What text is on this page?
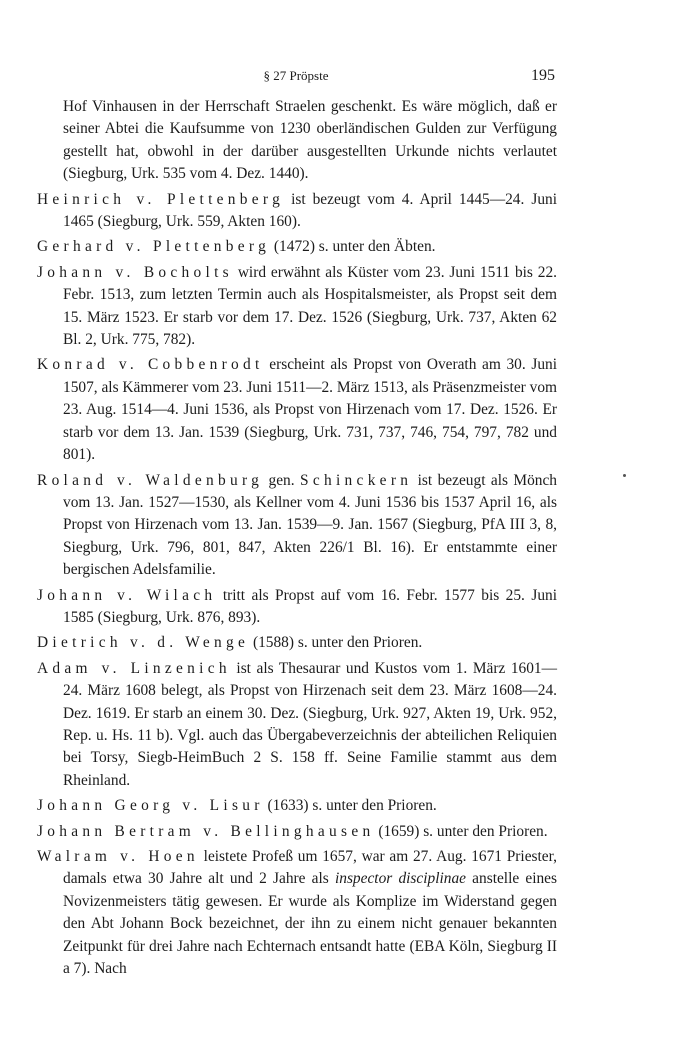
§ 27 Pröpste	195

Hof Vinhausen in der Herrschaft Straelen geschenkt. Es wäre möglich, daß er seiner Abtei die Kaufsumme von 1230 oberländischen Gulden zur Verfügung gestellt hat, obwohl in der darüber ausgestellten Urkunde nichts verlautet (Siegburg, Urk. 535 vom 4. Dez. 1440).

Heinrich v. Plettenberg ist bezeugt vom 4. April 1445—24. Juni 1465 (Siegburg, Urk. 559, Akten 160).

Gerhard v. Plettenberg (1472) s. unter den Äbten.

Johann v. Bocholts wird erwähnt als Küster vom 23. Juni 1511 bis 22. Febr. 1513, zum letzten Termin auch als Hospitalsmeister, als Propst seit dem 15. März 1523. Er starb vor dem 17. Dez. 1526 (Siegburg, Urk. 737, Akten 62 Bl. 2, Urk. 775, 782).

Konrad v. Cobbenrodt erscheint als Propst von Overath am 30. Juni 1507, als Kämmerer vom 23. Juni 1511—2. März 1513, als Präsenzmeister vom 23. Aug. 1514—4. Juni 1536, als Propst von Hirzenach vom 17. Dez. 1526. Er starb vor dem 13. Jan. 1539 (Siegburg, Urk. 731, 737, 746, 754, 797, 782 und 801).

Roland v. Waldenburg gen. Schinckern ist bezeugt als Mönch vom 13. Jan. 1527—1530, als Kellner vom 4. Juni 1536 bis 1537 April 16, als Propst von Hirzenach vom 13. Jan. 1539—9. Jan. 1567 (Siegburg, PfA III 3, 8, Siegburg, Urk. 796, 801, 847, Akten 226/1 Bl. 16). Er entstammte einer bergischen Adelsfamilie.

Johann v. Wilach tritt als Propst auf vom 16. Febr. 1577 bis 25. Juni 1585 (Siegburg, Urk. 876, 893).

Dietrich v. d. Wenge (1588) s. unter den Prioren.

Adam v. Linzenich ist als Thesaurar und Kustos vom 1. März 1601—24. März 1608 belegt, als Propst von Hirzenach seit dem 23. März 1608—24. Dez. 1619. Er starb an einem 30. Dez. (Siegburg, Urk. 927, Akten 19, Urk. 952, Rep. u. Hs. 11 b). Vgl. auch das Übergabeverzeichnis der abteilichen Reliquien bei Torsy, Siegb-HeimBuch 2 S. 158 ff. Seine Familie stammt aus dem Rheinland.

Johann Georg v. Lisur (1633) s. unter den Prioren.

Johann Bertram v. Bellinghausen (1659) s. unter den Prioren.

Walram v. Hoen leistete Profeß um 1657, war am 27. Aug. 1671 Priester, damals etwa 30 Jahre alt und 2 Jahre als inspector disciplinae anstelle eines Novizenmeisters tätig gewesen. Er wurde als Komplize im Widerstand gegen den Abt Johann Bock bezeichnet, der ihn zu einem nicht genauer bekannten Zeitpunkt für drei Jahre nach Echternach entsandt hatte (EBA Köln, Siegburg II a 7). Nach
